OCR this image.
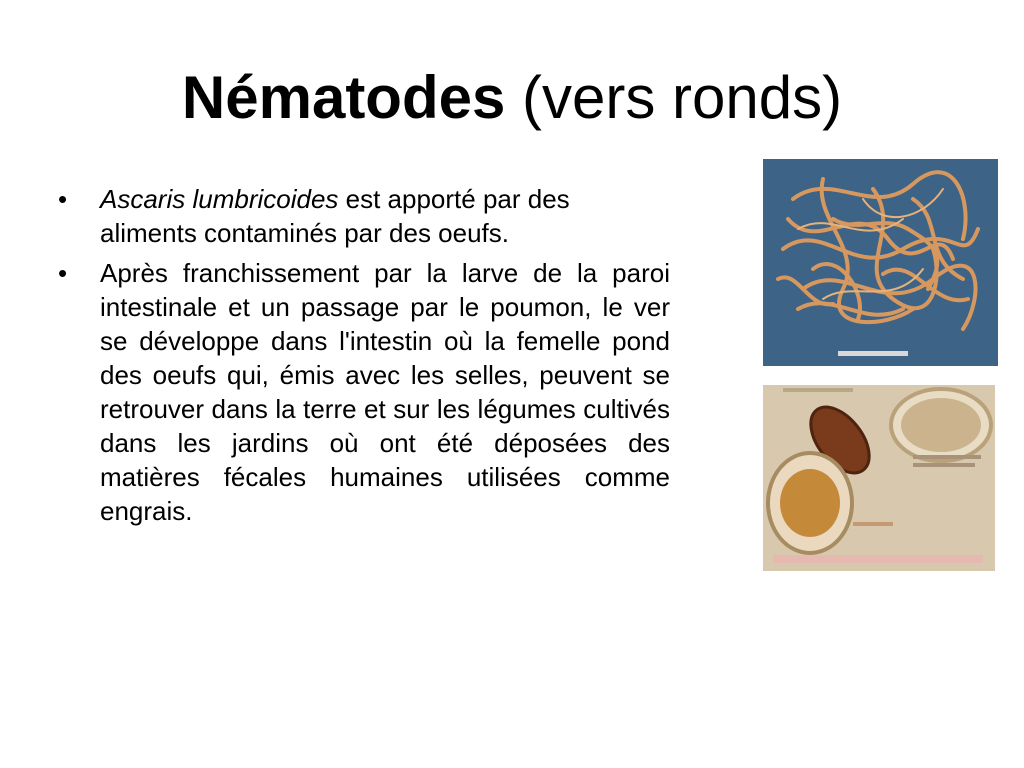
Nématodes (vers ronds)
•	Ascaris lumbricoides est apporté par des aliments contaminés par des oeufs.
•	Après franchissement par la larve de la paroi intestinale et un passage par le poumon, le ver se développe dans l'intestin où la femelle pond des oeufs qui, émis avec les selles, peuvent se retrouver dans la terre et sur les légumes cultivés dans les jardins où ont été déposées des matières fécales humaines utilisées comme engrais.
